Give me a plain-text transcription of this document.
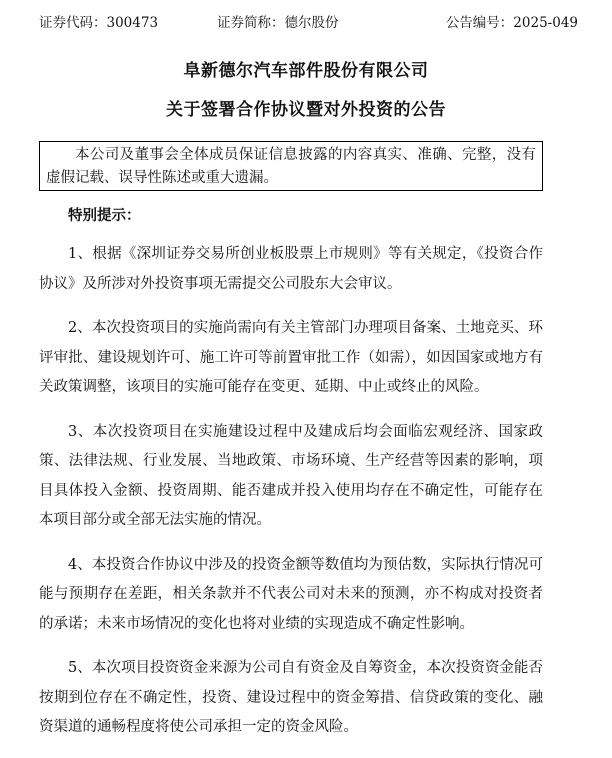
证券代码：300473	证券简称：德尔股份	公告编号：2025-049
阜新德尔汽车部件股份有限公司
关于签署合作协议暨对外投资的公告
本公司及董事会全体成员保证信息披露的内容真实、准确、完整，没有虚假记载、误导性陈述或重大遗漏。
特别提示：

1、根据《深圳证券交易所创业板股票上市规则》等有关规定，《投资合作协议》及所涉对外投资事项无需提交公司股东大会审议。

2、本次投资项目的实施尚需向有关主管部门办理项目备案、土地竞买、环评审批、建设规划许可、施工许可等前置审批工作（如需），如因国家或地方有关政策调整，该项目的实施可能存在变更、延期、中止或终止的风险。

3、本次投资项目在实施建设过程中及建成后均会面临宏观经济、国家政策、法律法规、行业发展、当地政策、市场环境、生产经营等因素的影响，项目具体投入金额、投资周期、能否建成并投入使用均存在不确定性，可能存在本项目部分或全部无法实施的情况。

4、本投资合作协议中涉及的投资金额等数值均为预估数，实际执行情况可能与预期存在差距，相关条款并不代表公司对未来的预测，亦不构成对投资者的承诺；未来市场情况的变化也将对业绩的实现造成不确定性影响。

5、本次项目投资资金来源为公司自有资金及自筹资金，本次投资资金能否按期到位存在不确定性，投资、建设过程中的资金筹措、信贷政策的变化、融资渠道的通畅程度将使公司承担一定的资金风险。
